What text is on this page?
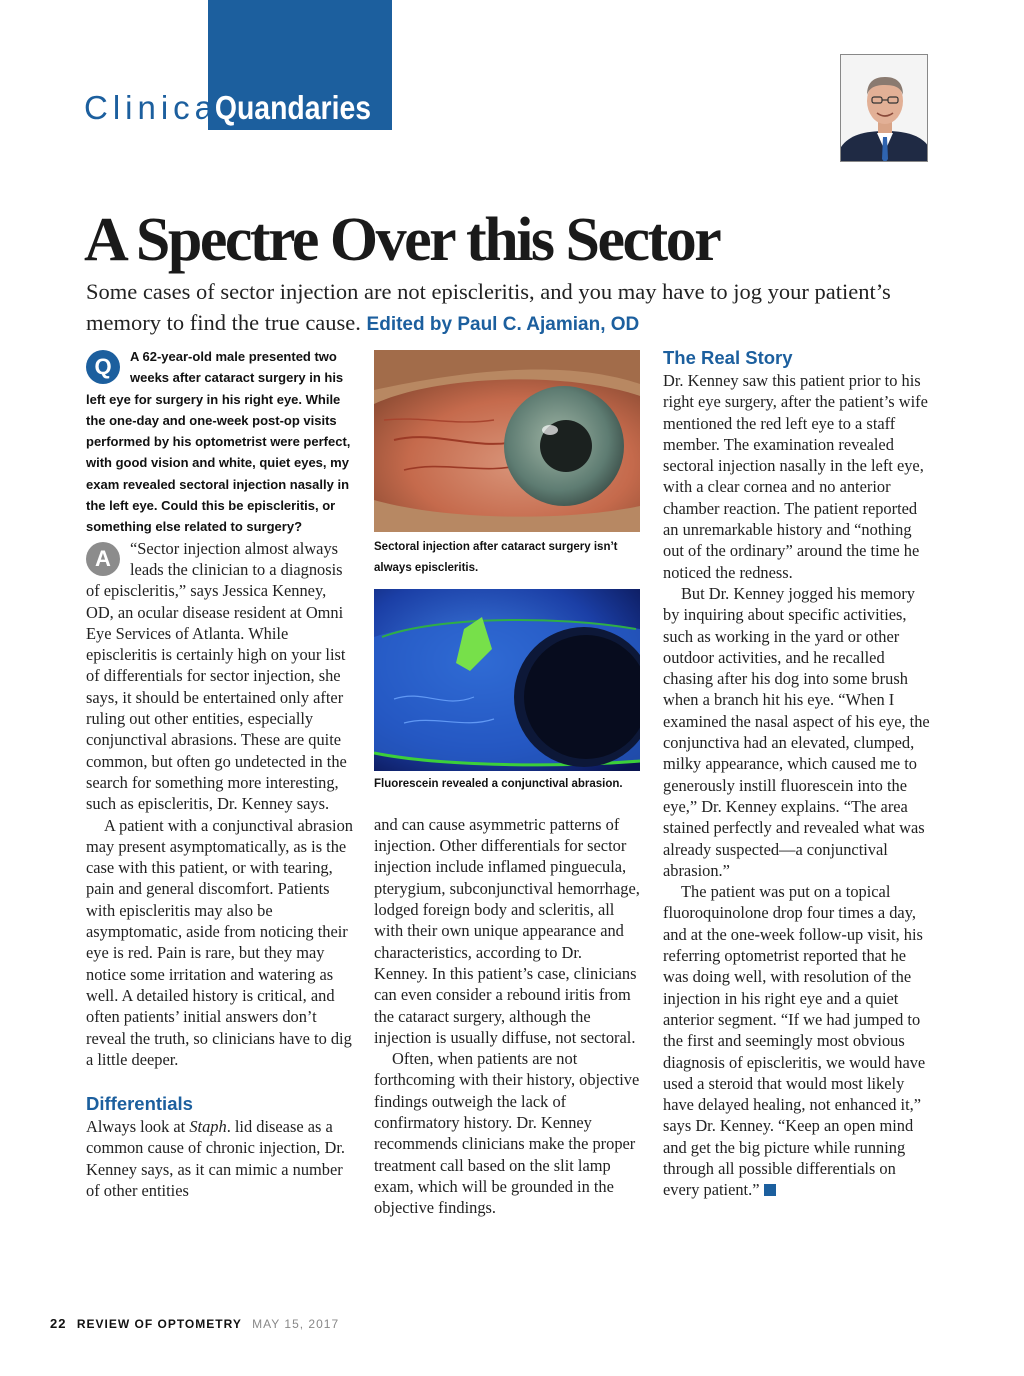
Clinical
Quandaries
A Spectre Over this Sector

Some cases of sector injection are not episcleritis, and you may have to jog your patient’s memory to find the true cause. Edited by Paul C. Ajamian, OD

Q	A 62-year-old male presented two weeks after cataract surgery in his left eye for surgery in his right eye. While the one-day and one-week post-op visits performed by his optometrist were perfect, with good vision and white, quiet eyes, my exam revealed sectoral injection nasally in the left eye. Could this be episcleritis, or something else related to surgery?

A	“Sector injection almost always leads the clinician to a diagnosis of episcleritis,” says Jessica Kenney, OD, an ocular disease resident at Omni Eye Services of Atlanta. While episcleritis is certainly high on your list of differentials for sector injection, she says, it should be entertained only after ruling out other entities, especially conjunctival abrasions. These are quite common, but often go undetected in the search for something more interesting, such as episcleritis, Dr. Kenney says.

A patient with a conjunctival abrasion may present asymptomatically, as is the case with this patient, or with tearing, pain and general discomfort. Patients with episcleritis may also be asymptomatic, aside from noticing their eye is red. Pain is rare, but they may notice some irritation and watering as well. A detailed history is critical, and often patients’ initial answers don’t reveal the truth, so clinicians have to dig a little deeper.

Differentials

Always look at Staph. lid disease as a common cause of chronic injection, Dr. Kenney says, as it can mimic a number of other entities

Sectoral injection after cataract surgery isn’t always episcleritis.

Fluorescein revealed a conjunctival abrasion.

and can cause asymmetric patterns of injection. Other differentials for sector injection include inflamed pinguecula, pterygium, subconjunctival hemorrhage, lodged foreign body and scleritis, all with their own unique appearance and characteristics, according to Dr. Kenney. In this patient’s case, clinicians can even consider a rebound iritis from the cataract surgery, although the injection is usually diffuse, not sectoral.

Often, when patients are not forthcoming with their history, objective findings outweigh the lack of confirmatory history. Dr. Kenney recommends clinicians make the proper treatment call based on the slit lamp exam, which will be grounded in the objective findings.

The Real Story

Dr. Kenney saw this patient prior to his right eye surgery, after the patient’s wife mentioned the red left eye to a staff member. The examination revealed sectoral injection nasally in the left eye, with a clear cornea and no anterior chamber reaction. The patient reported an unremarkable history and “nothing out of the ordinary” around the time he noticed the redness.

But Dr. Kenney jogged his memory by inquiring about specific activities, such as working in the yard or other outdoor activities, and he recalled chasing after his dog into some brush when a branch hit his eye. “When I examined the nasal aspect of his eye, the conjunctiva had an elevated, clumped, milky appearance, which caused me to generously instill fluorescein into the eye,” Dr. Kenney explains. “The area stained perfectly and revealed what was already suspected—a conjunctival abrasion.”

The patient was put on a topical fluoroquinolone drop four times a day, and at the one-week follow-up visit, his referring optometrist reported that he was doing well, with resolution of the injection in his right eye and a quiet anterior segment. “If we had jumped to the first and seemingly most obvious diagnosis of episcleritis, we would have used a steroid that would most likely have delayed healing, not enhanced it,” says Dr. Kenney. “Keep an open mind and get the big picture while running through all possible differentials on every patient.”

22 REVIEW OF OPTOMETRY MAY 15, 2017
